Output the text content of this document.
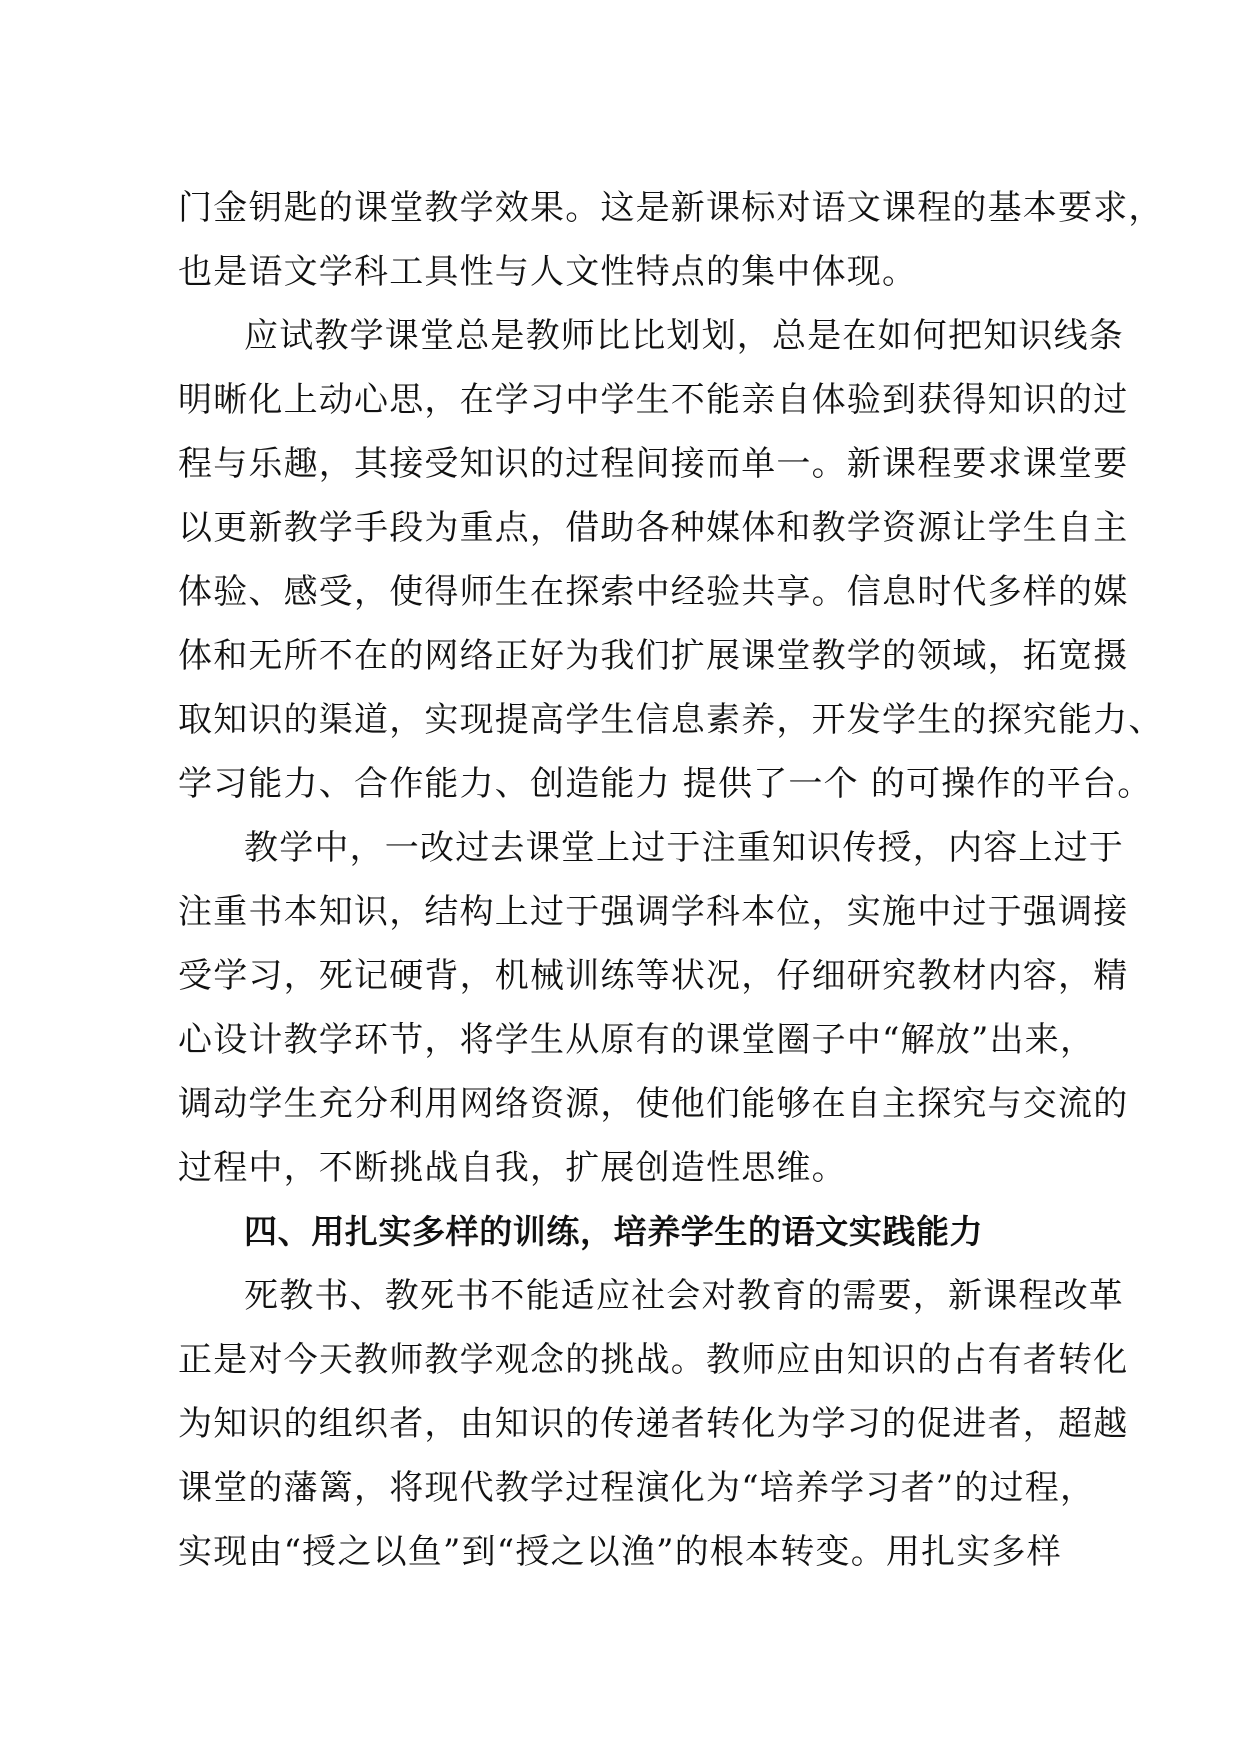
门金钥匙的课堂教学效果。这是新课标对语文课程的基本要求，
也是语文学科工具性与人文性特点的集中体现。
应试教学课堂总是教师比比划划，总是在如何把知识线条
明晰化上动心思，在学习中学生不能亲自体验到获得知识的过
程与乐趣，其接受知识的过程间接而单一。新课程要求课堂要
以更新教学手段为重点，借助各种媒体和教学资源让学生自主
体验、感受，使得师生在探索中经验共享。信息时代多样的媒
体和无所不在的网络正好为我们扩展课堂教学的领域，拓宽摄
取知识的渠道，实现提高学生信息素养，开发学生的探究能力、
学习能力、合作能力、创造能力 提供了一个 的可操作的平台。
教学中，一改过去课堂上过于注重知识传授，内容上过于
注重书本知识，结构上过于强调学科本位，实施中过于强调接
受学习，死记硬背，机械训练等状况，仔细研究教材内容，精
心设计教学环节，将学生从原有的课堂圈子中“解放”出来，
调动学生充分利用网络资源，使他们能够在自主探究与交流的
过程中，不断挑战自我，扩展创造性思维。
四、用扎实多样的训练，培养学生的语文实践能力
死教书、教死书不能适应社会对教育的需要，新课程改革
正是对今天教师教学观念的挑战。教师应由知识的占有者转化
为知识的组织者，由知识的传递者转化为学习的促进者，超越
课堂的藩篱，将现代教学过程演化为“培养学习者”的过程，
实现由“授之以鱼”到“授之以渔”的根本转变。用扎实多样
